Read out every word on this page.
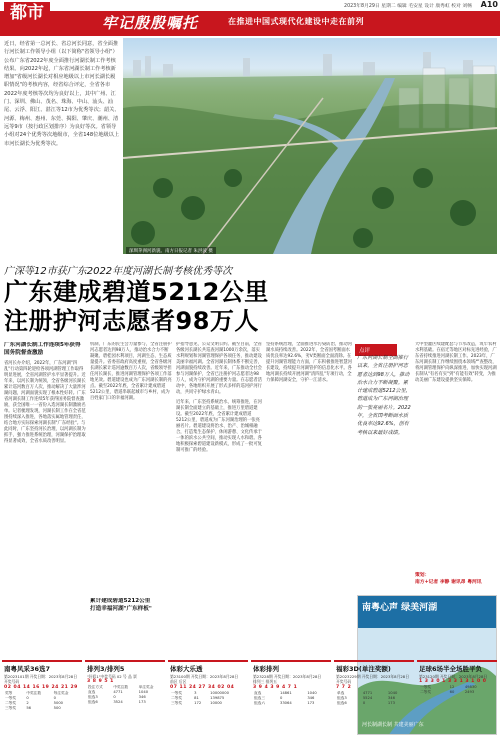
都市	2023年8月29日 星期二 编辑 毛安星 设计 康秀虹 校对 刘畅 A10
牢记殷殷嘱托	在推进中国式现代化建设中走在前列
近日，经省第一总河长、省总河长同意，省全面推行河长制工作领导小组（以下简称"省领导小组"）公布广东省2022年度全面推行河湖长制工作考核结果。向2022年起，广东省河湖长制工作考核新增加"省级河长湖长对相应地级以上市河长湖长履职情况"的考核内容，经省综合评定，全省各市2022年度考核等次均为良好以上，其中广州、江门、深圳、佛山、茂名、珠海、中山、汕头、汕尾、云浮、阳江、湛江等12市为优秀等次；韶关、河源、梅州、惠州、东莞、揭阳、肇庆、潮州、清远等9市（按行政区划排序）为良好等次。省领导小组对24个优秀等次地级市，全省148位地级以上市河长湖长为优秀等次。
深圳茅洲河新貌。南方日报记者 朱洪波 摄
广深等12市获广东2022年度河湖长制考核优秀等次
广东建成碧道5212公里
注册护河志愿者98万人
广东河湖长制工作连续5年获得国务院督查激励
省河长办介绍，2022年，广东河湖"四乱"行动第四轮迎检各项河湖管理工作取得明显进展，全省河湖管护水平显著提升。近年来，以河长制为统领，全省各级河长湖长累计巡河数百万人次，推动解决了大量涉河湖问题，河湖面貌实现了根本性好转。广东省河湖长制工作连续5年获得国务院督查激励，获全国唯一一省份入选河湖长制激励名单。记者梳理发现，河湖长制工作在全省范围持续深入推进，各地落实属地管理责任，结合地方实际探索河湖长制"广东经验"。与此同时，广东坚持河长治理，以河湖长制为抓手，强力推进系统治理，河湖保护治理取得显著成效，全省水质改善明显。
机制，广东的民生会力量参与，全省注册护河志愿者达到98万人，推动治水合力不断凝聚。碧桂园水利项目，河湖生态、生态质量提升。省委省政府高度重视，全省各级河长湖长累计巡河逾数百万人次，省级领导担任河长湖长，推进河湖管理保护各项工作落地见效。碧道建设也成为广东河湖长制的亮点。截至2022年底，全省累计建成碧道5212公里，碧道串联起城市与乡村，成为百姓家门口的幸福河湖。
累计建成碧道5212公里
打造幸福河湖"广东样板"
护指导意见，公众文明公约。截至目前，全省各级河长湖长共巡查河湖1000万余次，落实水利规划和河湖管理保护各项任务，推动建设美丽幸福河湖。全省河湖长制体系不断完善，河湖面貌持续改善。近年来，广东推动全社会参与河湖保护，全省已注册护河志愿者达98万人，成为守护河湖的重要力量。在志愿者活动中，各地组织开展了形式多样的巡河护河行动，共同守护绿水青山。
近年来，广东坚持系统治水，统筹推进，在河湖长制全面建立的基础上，推进万里碧道建设。截至2022年底，全省累计建成碧道5212公里，碧道成为广东河湖治理的一张亮丽名片。碧道建设将治水、治产、治城相融合，打造集生态保护、休闲游憩、文化传承于一体的滨水公共空间，推动实现人水和谐。各地积极探索碧道建设新模式，形成了一批可复制可推广的经验。
坚持系统治理，全面推进水污染防治，推动河湖水质持续改善。2022年，全省国考断面水质优良率达92.6%，劣V类断面全面消除。在提升河湖管理能力方面，广东积极推进智慧河长建设，持续提升河湖管护的信息化水平。各地河湖长持续开展河湖"清四乱"专项行动，全力保障河湖安全，守护一江清水。
大中型灌区续建配套与节水改造，筑牢农村水利基础。在宿迁等地区对标先进经验，广东省持续推进河湖长制工作。2023年，广东河湖长制工作继续围绕本领域严查整改，将河湖管理保护向纵深推进，加快实现河湖长制从"有名有实"到"有能有效"转变，为推动美丽广东建设提供坚实保障。
点评
广东河湖长制全面推行以来，全省注册护河志愿者达到98万人，推动治水合力不断凝聚。累计建成碧道5212公里，碧道成为广东河湖治理的一张亮丽名片。2022年，全省国考断面水质优良率达92.6%，创有考核以来最好成绩。
策划：
南方+记者 李静 谢讯昂 粤河讯
南粤心声 绿美河湖
河长制湖长制 共建美丽广东
南粤风采36选7
第2023101期 开奖日期：2023年8月28日
开奖号码
02 04 14 16 19 24 21 29
奖等	中奖注数	每注奖金
一等奖	0	0
二等奖	2	5000
三等奖	56	500
排列3/排列5
"好彩1"中奖号码 02 号 品 票
3 8 9 5 1
投注方式	中奖注数	单注奖金
直选	4771	1040
组选3	0	346
组选6	3524	173
体彩大乐透
第23100期 开奖日期：2023年8月28日
前区 后区
07 11 24 27 34 02 04
一等奖	3	10000000
二等奖	81	139875
三等奖	172	10000
体彩排列
第23228期 开奖日期：2023年8月28日
排列三 排列五
3 9 4 3 9 4 7 1
直选	14861	1040
组选三	0	346
组选六	33064	173
福彩3D(单注奖额)
第2023229期 开奖日期：2023年8月28日
开奖号码
7 7 2
单选	4771	1040
组选3	5524	346
组选6	0	173
足球6场半全场胜平负
第23120期 开奖日期：2023年8月28日
1 3 3 0 1 3 3 1 3 1 0 0
一等奖	12	49830
二等奖	60	2493
